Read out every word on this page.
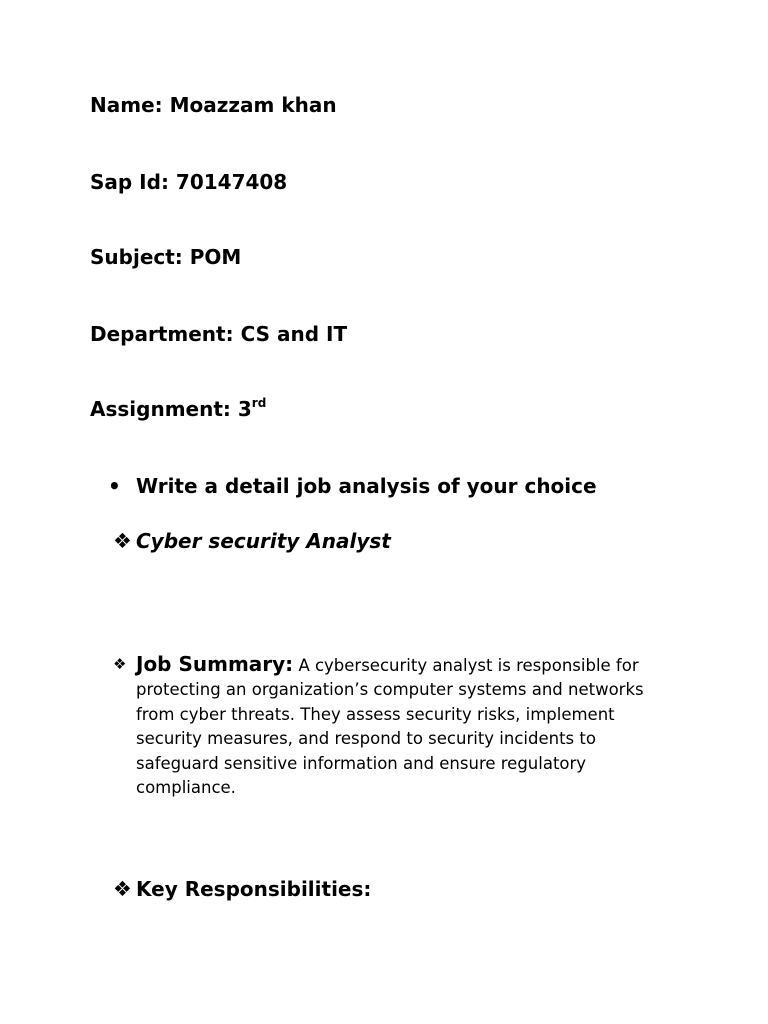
Name: Moazzam khan
Sap Id: 70147408
Subject: POM
Department: CS and IT
Assignment: 3rd
• Write a detail job analysis of your choice
❖ Cyber security Analyst
❖ Job Summary: A cybersecurity analyst is responsible for protecting an organization’s computer systems and networks from cyber threats. They assess security risks, implement security measures, and respond to security incidents to safeguard sensitive information and ensure regulatory compliance.
❖ Key Responsibilities:
